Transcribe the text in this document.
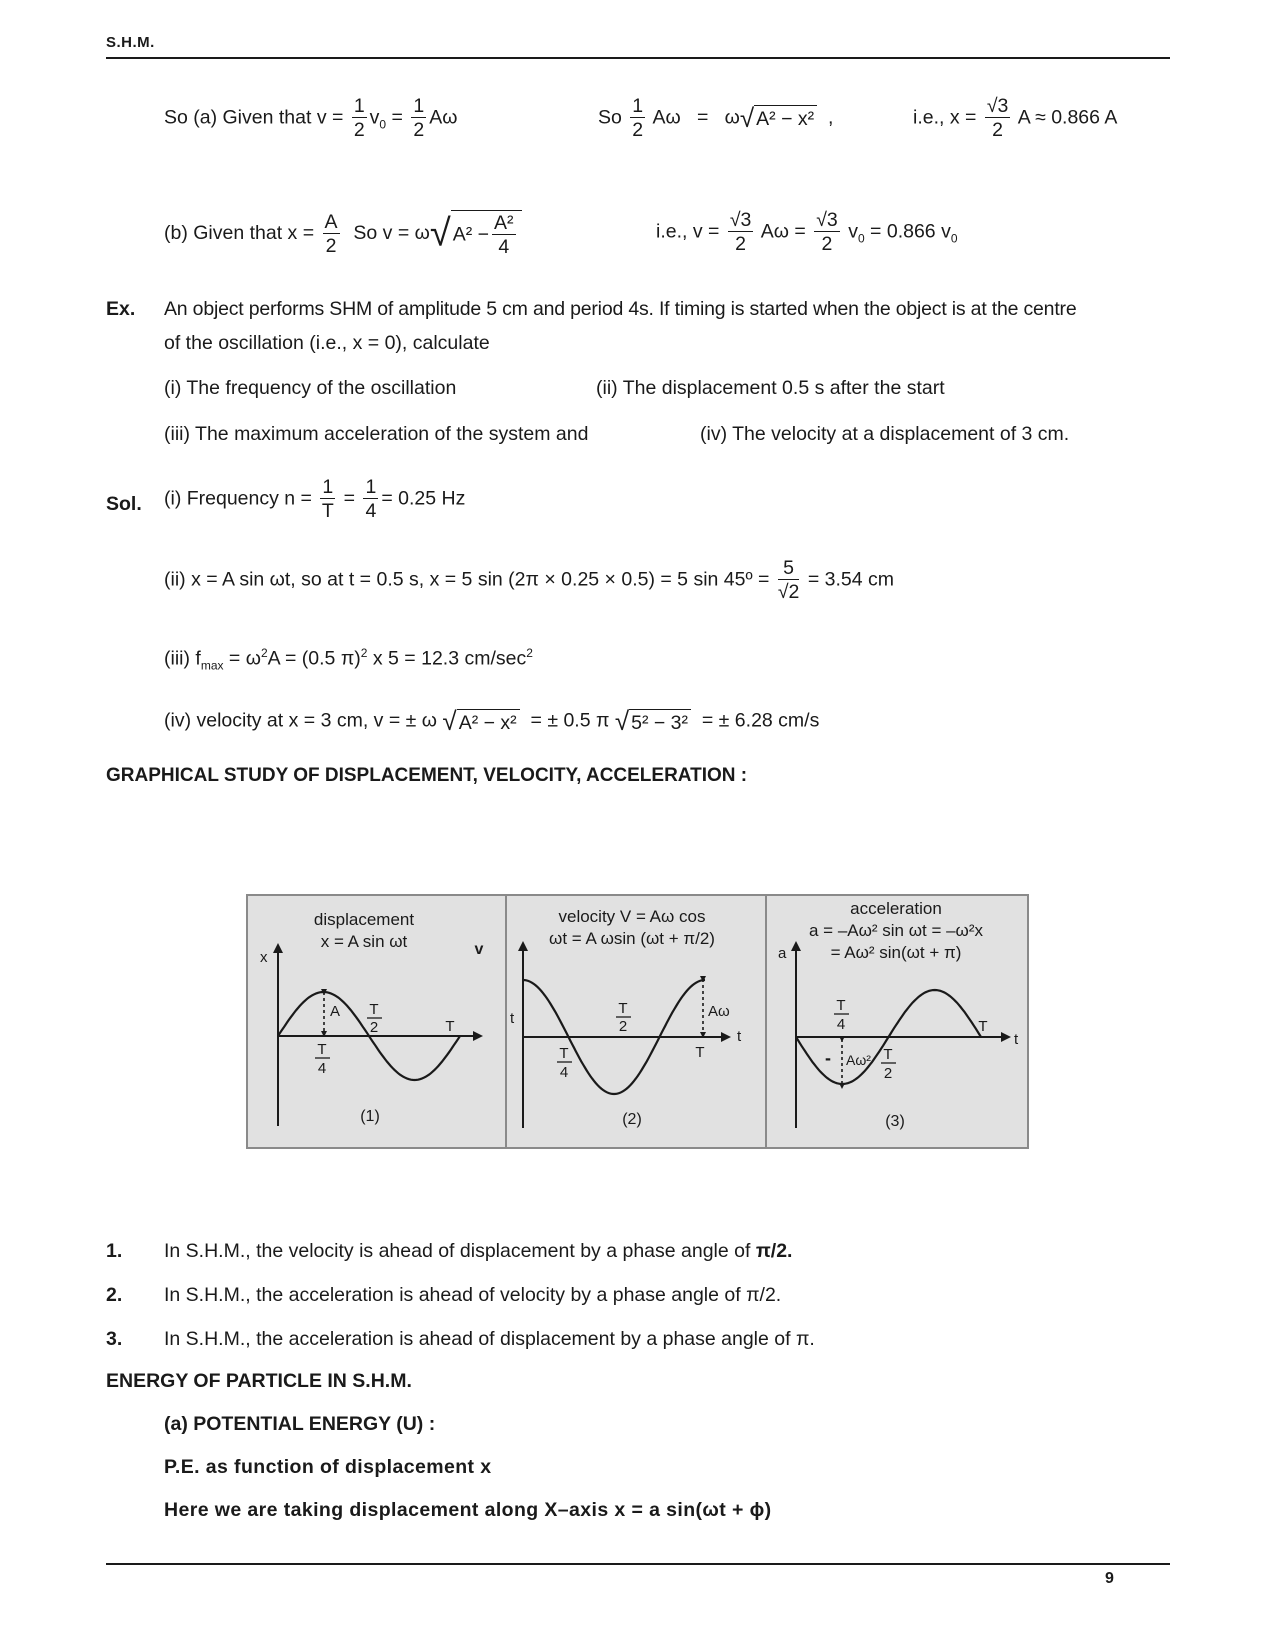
S.H.M.
So (a) Given that $v = \frac{1}{2} v_0 = \frac{1}{2}$ Aω	So $\frac{1}{2}$ Aω = ω√ A² − x² ,	i.e., $x = \frac{√3}{2}$ A ≈ 0.866 A
(b) Given that $x = \frac{A}{2}$ So v = ω√ $A^2 - \frac{\text{A²}}{4}$	i.e., $v = \frac{√3}{2}$ $A\omega = \frac{√3}{2} v_0 = 0.866$ $v_0$
Ex. An object performs SHM of amplitude 5 cm and period 4s. If timing is started when the object is at the centre
of the oscillation (i.e., x = 0), calculate
(i) The frequency of the oscillation	(ii) The displacement 0.5 s after the start
(iii) The maximum acceleration of the system and	(iv) The velocity at a displacement of 3 cm.
Sol. (i) Frequency $n = \frac{1}{T} = \frac{1}{4} = 0.25$ Hz
(ii) x = A sin ωt, so at t = 0.5 s, x = 5 sin (2π × 0.25 × 0.5) = 5 sin 45º = $\frac{5}{√2} = 3.54$ cm
(iii) $f_{max} = \omega^2A = (0.5$ π)$^2$ x 5 = 12.3 $cm/\sec^2$
(iv) velocity at x = 3 cm, v = ± ω √ A² − x² = ± 0.5 π √ 5² − 3² = ± 6.28 cm/s
GRAPHICAL STUDY OF DISPLACEMENT, VELOCITY, ACCELERATION :
displacement
x = A sin ωt
x
A T
2
T
4
T
(1)
v
velocity V = Aω cos
ωt = A ωsin (ωt + π/2)
t	Aω
T
2
T
4
T
t
(2)
acceleration
a = –Aω² sin ωt = –ω²x
= Aω² sin(ωt + π)
a
- Aω²
T
4
T
2
T
t
(3)
1. In S.H.M., the velocity is ahead of displacement by a phase angle of π/2.
2. In S.H.M., the acceleration is ahead of velocity by a phase angle of π/2.
3. In S.H.M., the acceleration is ahead of displacement by a phase angle of π.
ENERGY OF PARTICLE IN S.H.M.
(a) POTENTIAL ENERGY (U) :
P.E. as function of displacement x
Here we are taking displacement along X–axis x = a sin(ωt + ϕ)
9
